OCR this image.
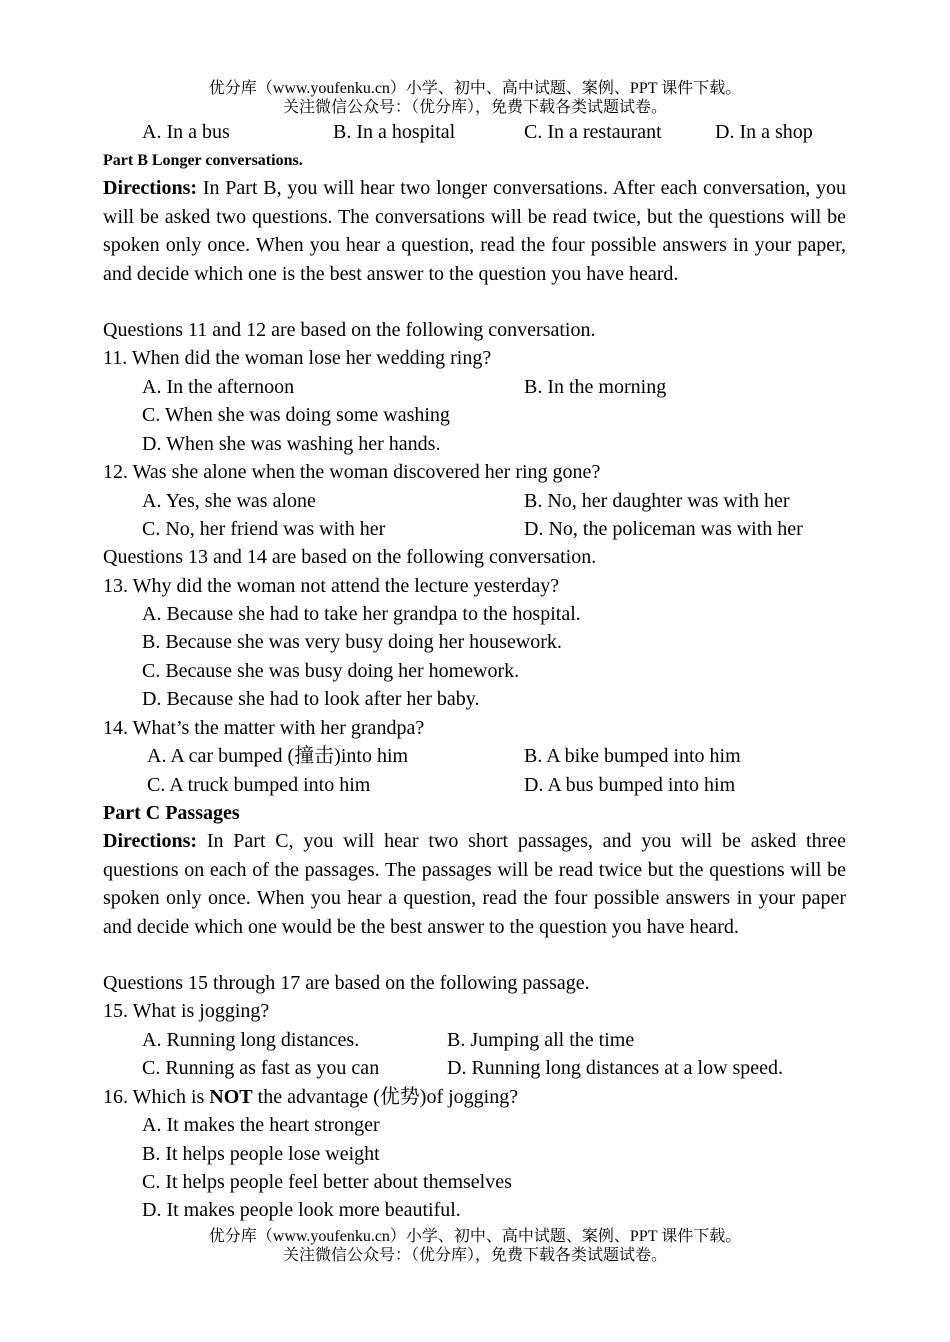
优分库（www.youfenku.cn）小学、初中、高中试题、案例、PPT 课件下载。
关注微信公众号：（优分库），免费下载各类试题试卷。
A. In a bus	B. In a hospital	C. In a restaurant	D. In a shop
Part B Longer conversations.
Directions: In Part B, you will hear two longer conversations. After each conversation, you will be asked two questions. The conversations will be read twice, but the questions will be spoken only once. When you hear a question, read the four possible answers in your paper, and decide which one is the best answer to the question you have heard.
Questions 11 and 12 are based on the following conversation.
11. When did the woman lose her wedding ring?
A. In the afternoon	B. In the morning
C. When she was doing some washing
D. When she was washing her hands.
12. Was she alone when the woman discovered her ring gone?
A. Yes, she was alone	B. No, her daughter was with her
C. No, her friend was with her	D. No, the policeman was with her
Questions 13 and 14 are based on the following conversation.
13. Why did the woman not attend the lecture yesterday?
A. Because she had to take her grandpa to the hospital.
B. Because she was very busy doing her housework.
C. Because she was busy doing her homework.
D. Because she had to look after her baby.
14. What’s the matter with her grandpa?
A. A car bumped (撞击)into him	B. A bike bumped into him
C. A truck bumped into him	D. A bus bumped into him
Part C Passages
Directions: In Part C, you will hear two short passages, and you will be asked three questions on each of the passages. The passages will be read twice but the questions will be spoken only once. When you hear a question, read the four possible answers in your paper and decide which one would be the best answer to the question you have heard.
Questions 15 through 17 are based on the following passage.
15. What is jogging?
A. Running long distances.	B. Jumping all the time
C. Running as fast as you can	D. Running long distances at a low speed.
16. Which is NOT the advantage (优势)of jogging?
A. It makes the heart stronger
B. It helps people lose weight
C. It helps people feel better about themselves
D. It makes people look more beautiful.
优分库（www.youfenku.cn）小学、初中、高中试题、案例、PPT 课件下载。
关注微信公众号：（优分库），免费下载各类试题试卷。
